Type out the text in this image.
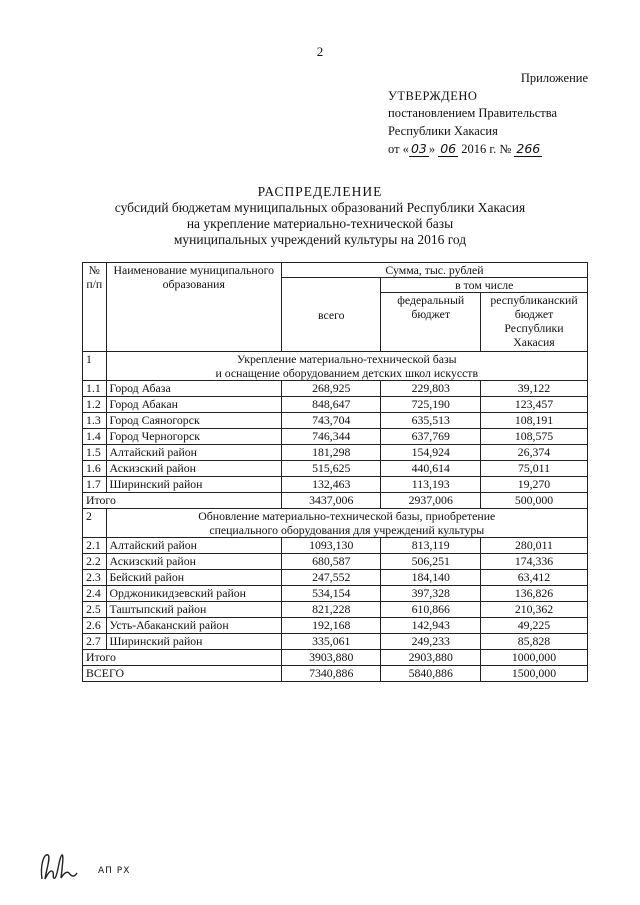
2
Приложение
УТВЕРЖДЕНО
постановлением Правительства
Республики Хакасия
от « 03 » 06 2016 г. № 266
РАСПРЕДЕЛЕНИЕ
субсидий бюджетам муниципальных образований Республики Хакасия
на укрепление материально-технической базы
муниципальных учреждений культуры на 2016 год
№ п/п	Наименование муниципального образования	Сумма, тыс. рублей		
		всего	в том числе	
			федеральный бюджет	республиканский бюджет Республики Хакасия
1	Укрепление материально-технической базы
и оснащение оборудованием детских школ искусств			

1.1	Город Абаза	268,925	229,803	39,122
1.2	Город Абакан	848,647	725,190	123,457
1.3	Город Саяногорск	743,704	635,513	108,191
1.4	Город Черногорск	746,344	637,769	108,575
1.5	Алтайский район	181,298	154,924	26,374
1.6	Аскизский район	515,625	440,614	75,011
1.7	Ширинский район	132,463	113,193	19,270
Итого		3437,006	2937,006	500,000
2	Обновление материально-технической базы, приобретение
специального оборудования для учреждений культуры			

2.1	Алтайский район	1093,130	813,119	280,011
2.2	Аскизский район	680,587	506,251	174,336
2.3	Бейский район	247,552	184,140	63,412
2.4	Орджоникидзевский район	534,154	397,328	136,826
2.5	Таштыпский район	821,228	610,866	210,362
2.6	Усть-Абаканский район	192,168	142,943	49,225
2.7	Ширинский район	335,061	249,233	85,828
Итого		3903,880	2903,880	1000,000
ВСЕГО		7340,886	5840,886	1500,000
АП РХ
